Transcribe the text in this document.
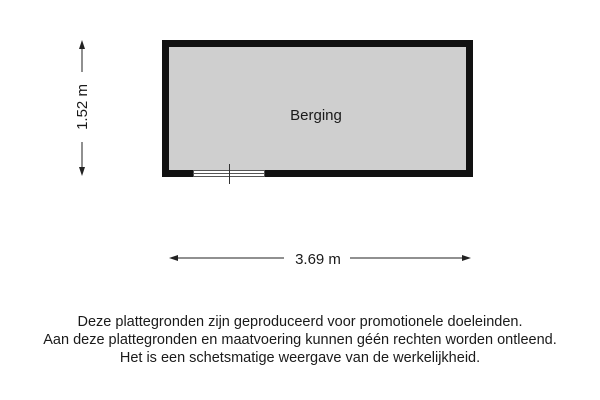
Berging
1.52 m
3.69 m
Deze plattegronden zijn geproduceerd voor promotionele doeleinden.
Aan deze plattegronden en maatvoering kunnen géén rechten worden ontleend.
Het is een schetsmatige weergave van de werkelijkheid.
